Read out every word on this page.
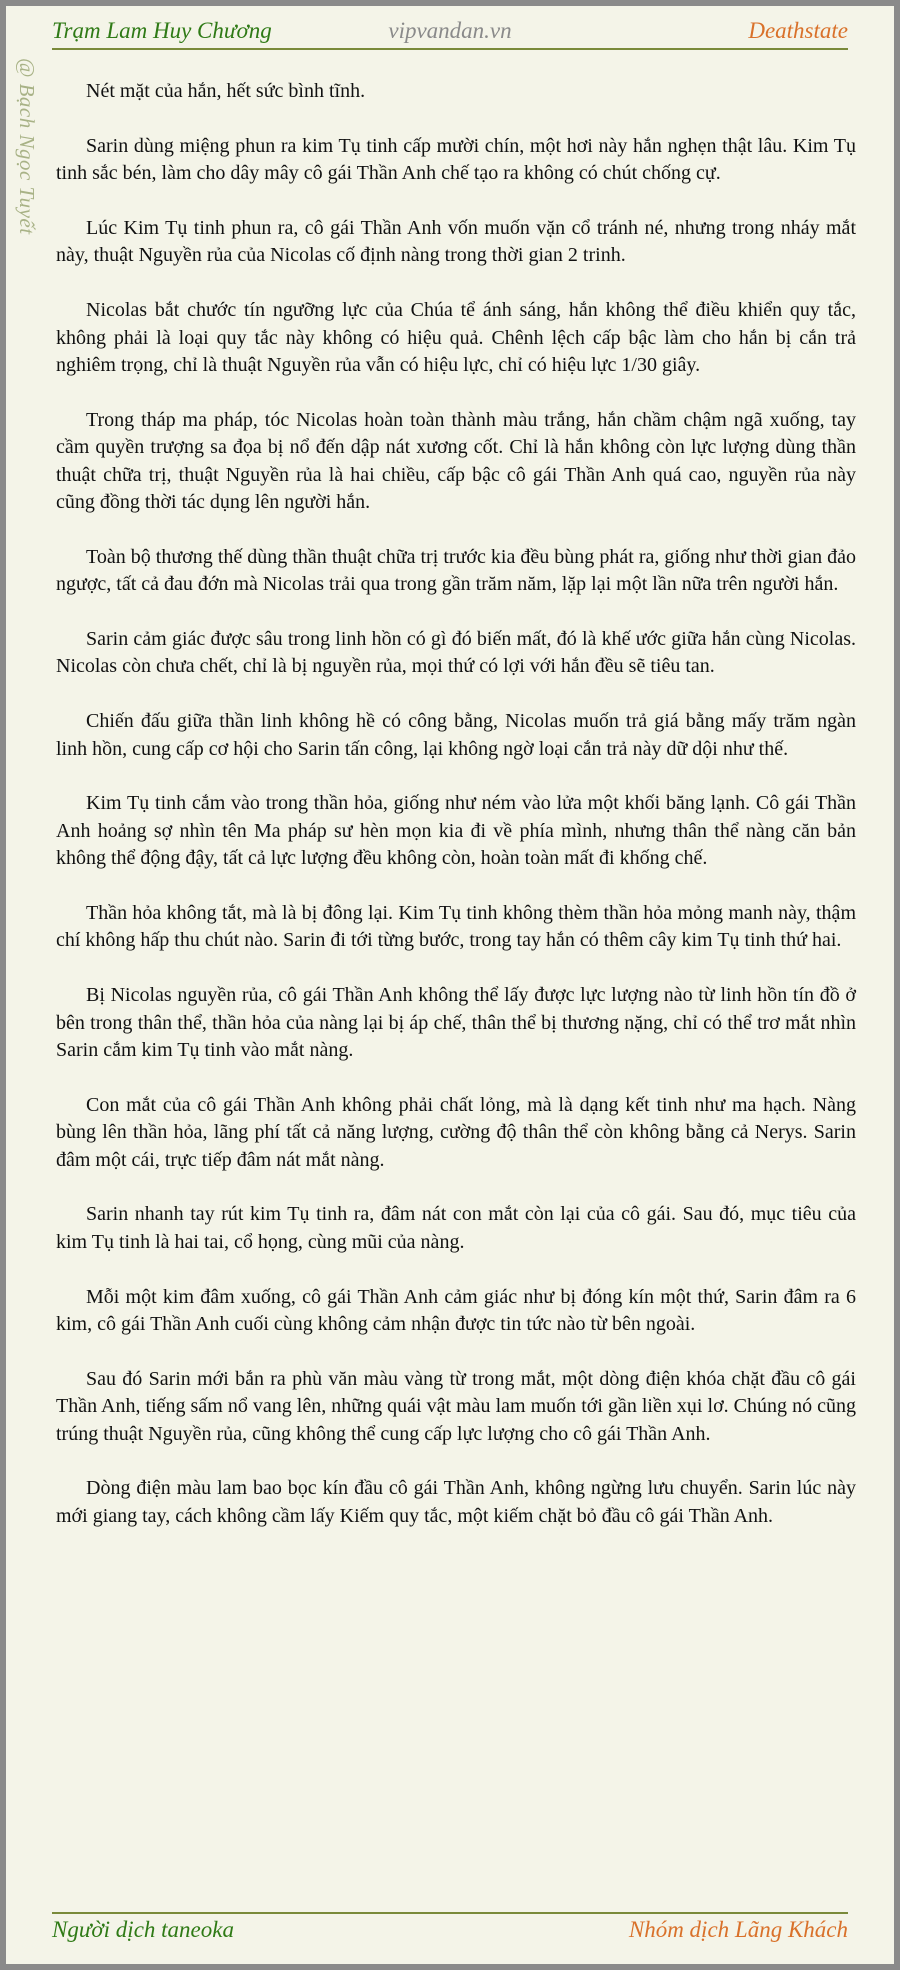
Trạm Lam Huy Chương	vipvandan.vn	Deathstate
@ Bạch Ngọc Tuyết	Nét mặt của hắn, hết sức bình tĩnh.

Sarin dùng miệng phun ra kim Tụ tinh cấp mười chín, một hơi này hắn nghẹn thật lâu. Kim Tụ tinh sắc bén, làm cho dây mây cô gái Thần Anh chế tạo ra không có chút chống cự.

Lúc Kim Tụ tinh phun ra, cô gái Thần Anh vốn muốn vặn cổ tránh né, nhưng trong nháy mắt này, thuật Nguyền rủa của Nicolas cố định nàng trong thời gian 2 trinh.

Nicolas bắt chước tín ngưỡng lực của Chúa tể ánh sáng, hắn không thể điều khiển quy tắc, không phải là loại quy tắc này không có hiệu quả. Chênh lệch cấp bậc làm cho hắn bị cắn trả nghiêm trọng, chỉ là thuật Nguyền rủa vẫn có hiệu lực, chỉ có hiệu lực 1/30 giây.

Trong tháp ma pháp, tóc Nicolas hoàn toàn thành màu trắng, hắn chầm chậm ngã xuống, tay cầm quyền trượng sa đọa bị nổ đến dập nát xương cốt. Chỉ là hắn không còn lực lượng dùng thần thuật chữa trị, thuật Nguyền rủa là hai chiều, cấp bậc cô gái Thần Anh quá cao, nguyền rủa này cũng đồng thời tác dụng lên người hắn.

Toàn bộ thương thế dùng thần thuật chữa trị trước kia đều bùng phát ra, giống như thời gian đảo ngược, tất cả đau đớn mà Nicolas trải qua trong gần trăm năm, lặp lại một lần nữa trên người hắn.

Sarin cảm giác được sâu trong linh hồn có gì đó biến mất, đó là khế ước giữa hắn cùng Nicolas. Nicolas còn chưa chết, chỉ là bị nguyền rủa, mọi thứ có lợi với hắn đều sẽ tiêu tan.

Chiến đấu giữa thần linh không hề có công bằng, Nicolas muốn trả giá bằng mấy trăm ngàn linh hồn, cung cấp cơ hội cho Sarin tấn công, lại không ngờ loại cắn trả này dữ dội như thế.

Kim Tụ tinh cắm vào trong thần hỏa, giống như ném vào lửa một khối băng lạnh. Cô gái Thần Anh hoảng sợ nhìn tên Ma pháp sư hèn mọn kia đi về phía mình, nhưng thân thể nàng căn bản không thể động đậy, tất cả lực lượng đều không còn, hoàn toàn mất đi khống chế.

Thần hỏa không tắt, mà là bị đông lại. Kim Tụ tinh không thèm thần hỏa mỏng manh này, thậm chí không hấp thu chút nào. Sarin đi tới từng bước, trong tay hắn có thêm cây kim Tụ tinh thứ hai.

Bị Nicolas nguyền rủa, cô gái Thần Anh không thể lấy được lực lượng nào từ linh hồn tín đồ ở bên trong thân thể, thần hỏa của nàng lại bị áp chế, thân thể bị thương nặng, chỉ có thể trơ mắt nhìn Sarin cắm kim Tụ tinh vào mắt nàng.

Con mắt của cô gái Thần Anh không phải chất lỏng, mà là dạng kết tinh như ma hạch. Nàng bùng lên thần hỏa, lãng phí tất cả năng lượng, cường độ thân thể còn không bằng cả Nerys. Sarin đâm một cái, trực tiếp đâm nát mắt nàng.

Sarin nhanh tay rút kim Tụ tinh ra, đâm nát con mắt còn lại của cô gái. Sau đó, mục tiêu của kim Tụ tinh là hai tai, cổ họng, cùng mũi của nàng.

Mỗi một kim đâm xuống, cô gái Thần Anh cảm giác như bị đóng kín một thứ, Sarin đâm ra 6 kim, cô gái Thần Anh cuối cùng không cảm nhận được tin tức nào từ bên ngoài.

Sau đó Sarin mới bắn ra phù văn màu vàng từ trong mắt, một dòng điện khóa chặt đầu cô gái Thần Anh, tiếng sấm nổ vang lên, những quái vật màu lam muốn tới gần liền xụi lơ. Chúng nó cũng trúng thuật Nguyền rủa, cũng không thể cung cấp lực lượng cho cô gái Thần Anh.

Dòng điện màu lam bao bọc kín đầu cô gái Thần Anh, không ngừng lưu chuyển. Sarin lúc này mới giang tay, cách không cầm lấy Kiếm quy tắc, một kiếm chặt bỏ đầu cô gái Thần Anh.

Người dịch taneoka	Nhóm dịch Lãng Khách
